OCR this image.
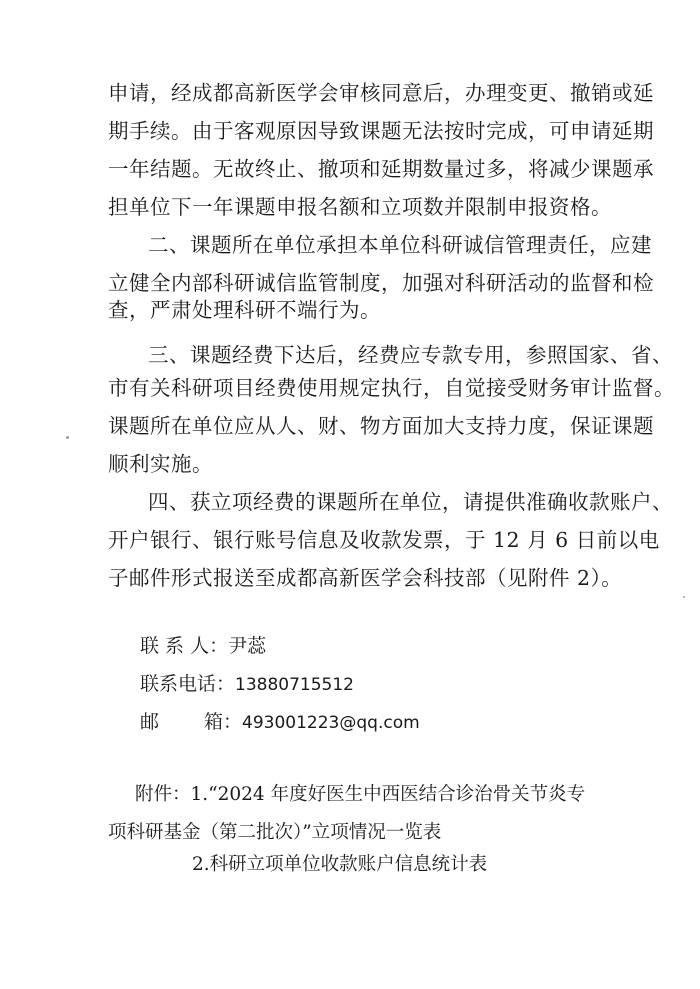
申请，经成都高新医学会审核同意后，办理变更、撤销或延
期手续。由于客观原因导致课题无法按时完成，可申请延期
一年结题。无故终止、撤项和延期数量过多，将减少课题承
担单位下一年课题申报名额和立项数并限制申报资格。
二、课题所在单位承担本单位科研诚信管理责任，应建
立健全内部科研诚信监管制度，加强对科研活动的监督和检
查，严肃处理科研不端行为。
三、课题经费下达后，经费应专款专用，参照国家、省、
市有关科研项目经费使用规定执行，自觉接受财务审计监督。
课题所在单位应从人、财、物方面加大支持力度，保证课题
顺利实施。
四、获立项经费的课题所在单位，请提供准确收款账户、
开户银行、银行账号信息及收款发票，于 12 月 6 日前以电
子邮件形式报送至成都高新医学会科技部（见附件 2）。
联 系 人：尹蕊
联系电话：13880715512
邮 箱：493001223@qq.com
附件：1.“2024 年度好医生中西医结合诊治骨关节炎专
项科研基金（第二批次）”立项情况一览表
2.科研立项单位收款账户信息统计表
